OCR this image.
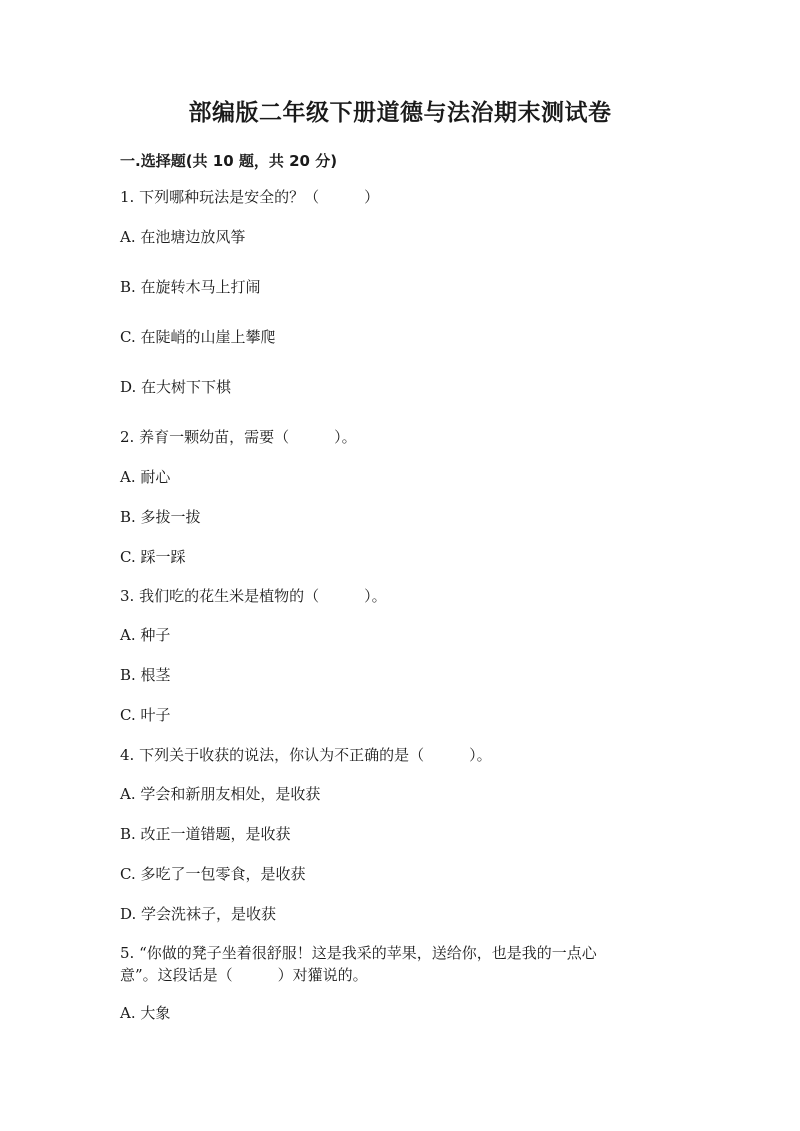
部编版二年级下册道德与法治期末测试卷
一.选择题(共 10 题，共 20 分)
1. 下列哪种玩法是安全的？（　　　）
A. 在池塘边放风筝
B. 在旋转木马上打闹
C. 在陡峭的山崖上攀爬
D. 在大树下下棋
2. 养育一颗幼苗，需要（　　　）。
A. 耐心
B. 多拔一拔
C. 踩一踩
3. 我们吃的花生米是植物的（　　　）。
A. 种子
B. 根茎
C. 叶子
4. 下列关于收获的说法，你认为不正确的是（　　　）。
A. 学会和新朋友相处，是收获
B. 改正一道错题，是收获
C. 多吃了一包零食，是收获
D. 学会洗袜子，是收获
5. “你做的凳子坐着很舒服！这是我采的苹果，送给你，也是我的一点心
意”。这段话是（　　　）对獾说的。
A. 大象
